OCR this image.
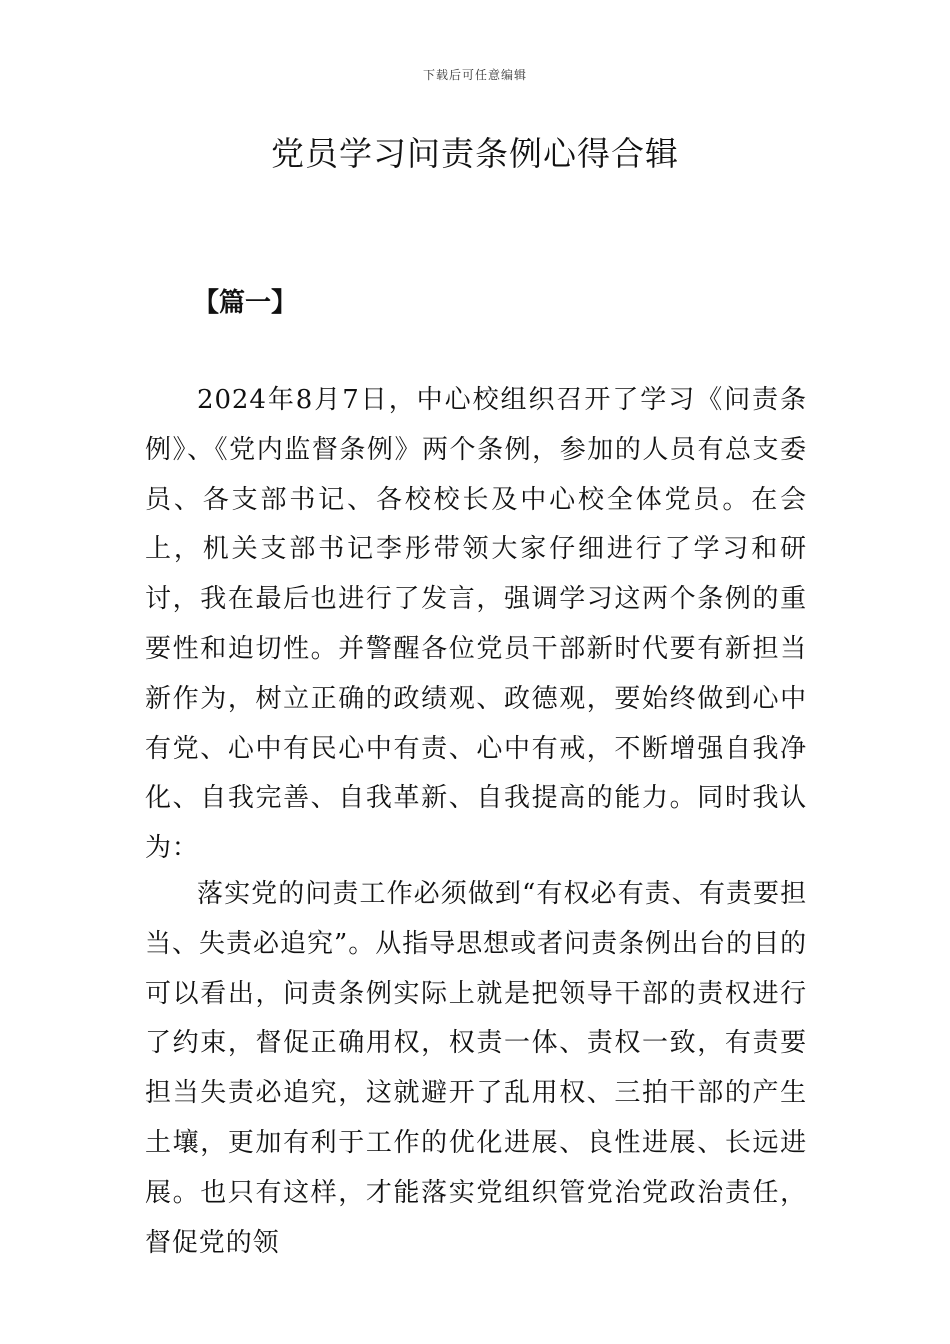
下载后可任意编辑
党员学习问责条例心得合辑
【篇一】

2024年8月7日，中心校组织召开了学习《问责条例》、《党内监督条例》两个条例，参加的人员有总支委员、各支部书记、各校校长及中心校全体党员。在会上，机关支部书记李彤带领大家仔细进行了学习和研讨，我在最后也进行了发言，强调学习这两个条例的重要性和迫切性。并警醒各位党员干部新时代要有新担当新作为，树立正确的政绩观、政德观，要始终做到心中有党、心中有民心中有责、心中有戒，不断增强自我净化、自我完善、自我革新、自我提高的能力。同时我认为：

落实党的问责工作必须做到“有权必有责、有责要担当、失责必追究”。从指导思想或者问责条例出台的目的可以看出，问责条例实际上就是把领导干部的责权进行了约束，督促正确用权，权责一体、责权一致，有责要担当失责必追究，这就避开了乱用权、三拍干部的产生土壤，更加有利于工作的优化进展、良性进展、长远进展。也只有这样，才能落实党组织管党治党政治责任，督促党的领
